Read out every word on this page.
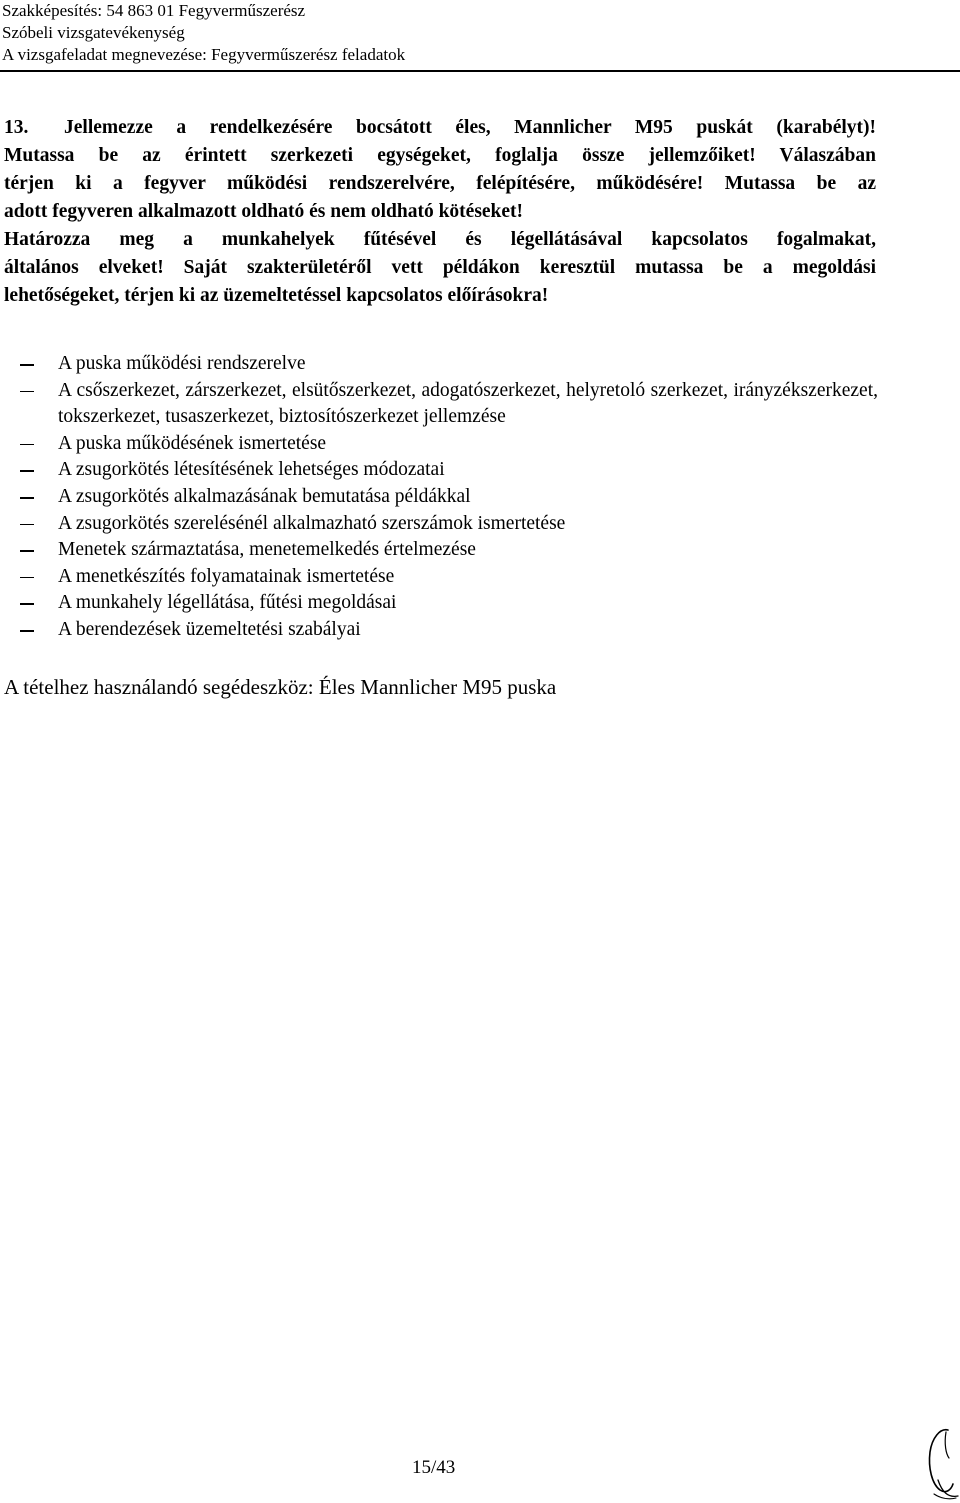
Szakképesítés: 54 863 01 Fegyverműszerész
Szóbeli vizsgatevékenység
A vizsgafeladat megnevezése: Fegyverműszerész feladatok
13. Jellemezze a rendelkezésére bocsátott éles, Mannlicher M95 puskát (karabélyt)!
Mutassa be az érintett szerkezeti egységeket, foglalja össze jellemzőiket! Válaszában
térjen ki a fegyver működési rendszerelvére, felépítésére, működésére! Mutassa be az
adott fegyveren alkalmazott oldható és nem oldható kötéseket!
Határozza meg a munkahelyek fűtésével és légellátásával kapcsolatos fogalmakat,
általános elveket! Saját szakterületéről vett példákon keresztül mutassa be a megoldási
lehetőségeket, térjen ki az üzemeltetéssel kapcsolatos előírásokra!
A puska működési rendszerelve
A csőszerkezet, zárszerkezet, elsütőszerkezet, adogatószerkezet, helyretoló szerkezet, irányzékszerkezet, tokszerkezet, tusaszerkezet, biztosítószerkezet jellemzése
A puska működésének ismertetése
A zsugorkötés létesítésének lehetséges módozatai
A zsugorkötés alkalmazásának bemutatása példákkal
A zsugorkötés szerelésénél alkalmazható szerszámok ismertetése
Menetek származtatása, menetemelkedés értelmezése
A menetkészítés folyamatainak ismertetése
A munkahely légellátása, fűtési megoldásai
A berendezések üzemeltetési szabályai
A tételhez használandó segédeszköz: Éles Mannlicher M95 puska
15/43
